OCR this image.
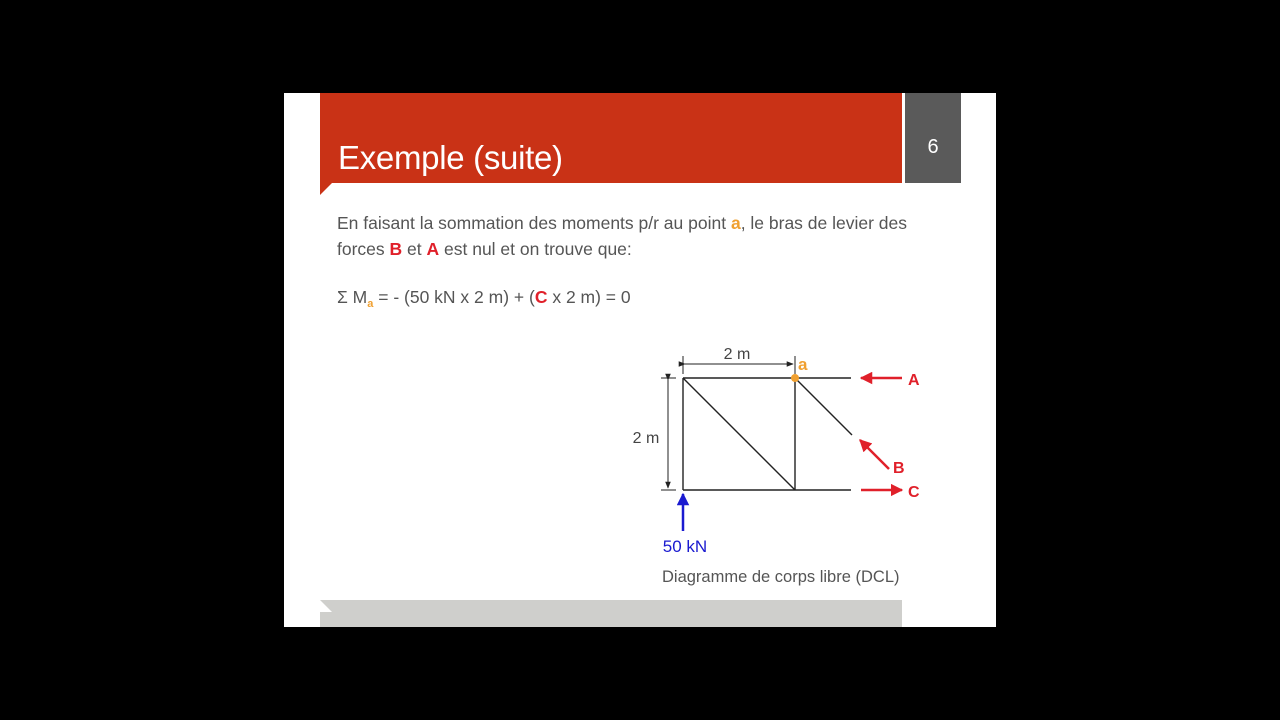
Exemple (suite)	6
En faisant la sommation des moments p/r au point a, le bras de levier des forces B et A est nul et on trouve que:
Σ $M_a$ = - (50 kN x 2 m) + (C x 2 m) = 0
2 m
2 m
a
A
B
C
50 kN
Diagramme de corps libre (DCL)
